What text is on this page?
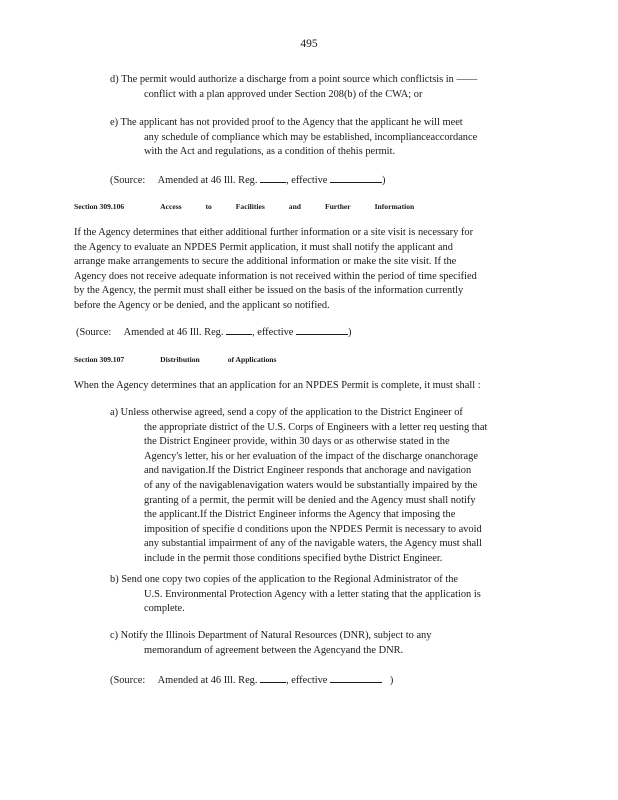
495

d) The permit would authorize a discharge from a point source which conflictsis in ——

conflict with a plan approved under Section 208(b) of the CWA; or

e) The applicant has not provided proof to the Agency that the applicant he will meet

any schedule of compliance which may be established, incomplianceaccordance

with the Act and regulations, as a condition of thehis permit.

(Source: Amended at 46 Ill. Reg.	, effective	)
Section 309.106	Access	to	Facilities	and	Further	Information

If the Agency determines that either additional further information or a site visit is necessary for

the Agency to evaluate an NPDES Permit application, it must shall notify the applicant and

arrange make arrangements to secure the additional information or make the site visit. If the

Agency does not receive adequate information is not received within the period of time specified

by the Agency, the permit must shall either be issued on the basis of the information currently

before the Agency or be denied, and the applicant so notified.

(Source: Amended at 46 Ill. Reg.	, effective	)
Section 309.107	Distribution	of Applications

When the Agency determines that an application for an NPDES Permit is complete, it must shall :

a) Unless otherwise agreed, send a copy of the application to the District Engineer of

the appropriate district of the U.S. Corps of Engineers with a letter req uesting that

the District Engineer provide, within 30 days or as otherwise stated in the

Agency's letter, his or her evaluation of the impact of the discharge onanchorage

and navigation.If the District Engineer responds that anchorage and navigation

of any of the navigablenavigation waters would be substantially impaired by the

granting of a permit, the permit will be denied and the Agency must shall notify

the applicant.If the District Engineer informs the Agency that imposing the

imposition of specifie d conditions upon the NPDES Permit is necessary to avoid

any substantial impairment of any of the navigable waters, the Agency must shall

include in the permit those conditions specified bythe District Engineer.

b) Send one copy two copies of the application to the Regional Administrator of the

U.S. Environmental Protection Agency with a letter stating that the application is

complete.

c) Notify the Illinois Department of Natural Resources (DNR), subject to any

memorandum of agreement between the Agencyand the DNR.

(Source: Amended at 46 Ill. Reg.	, effective	)
